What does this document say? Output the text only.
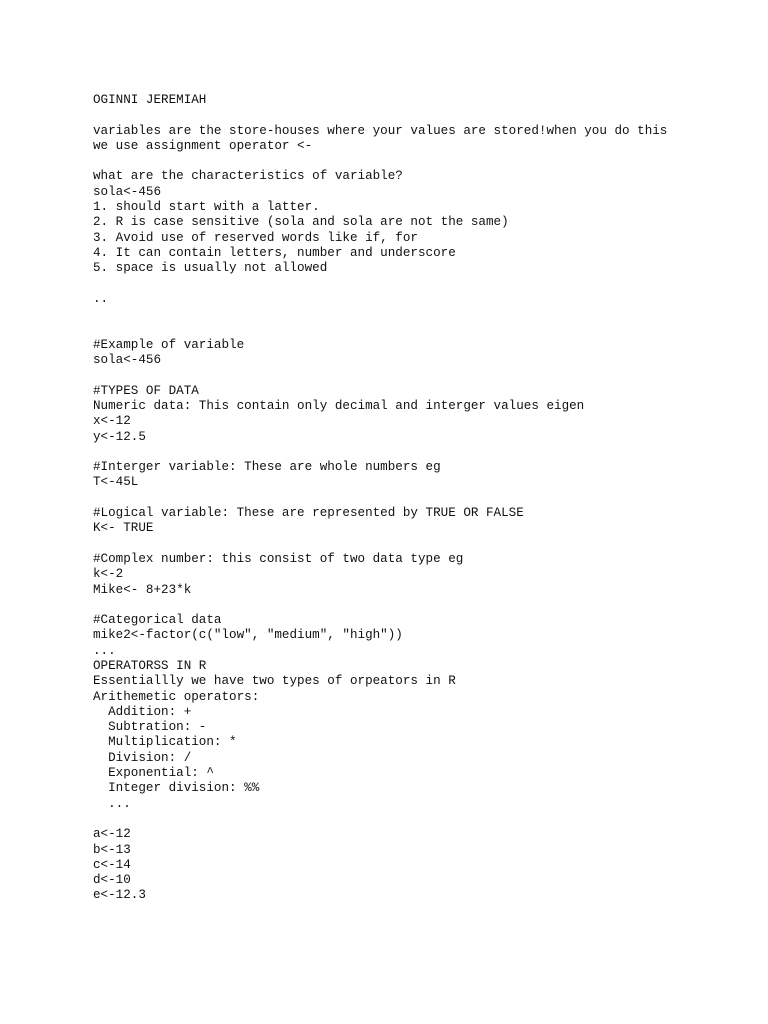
OGINNI JEREMIAH
variables are the store-houses where your values are stored!when you do this
we use assignment operator <-
what are the characteristics of variable?
sola<-456
1. should start with a latter.
2. R is case sensitive (sola and sola are not the same)
3. Avoid use of reserved words like if, for
4. It can contain letters, number and underscore
5. space is usually not allowed
..
#Example of variable
sola<-456
#TYPES OF DATA
Numeric data: This contain only decimal and interger values eigen
x<-12
y<-12.5
#Interger variable: These are whole numbers eg
T<-45L
#Logical variable: These are represented by TRUE OR FALSE
K<- TRUE
#Complex number: this consist of two data type eg
k<-2
Mike<- 8+23*k
#Categorical data
mike2<-factor(c("low", "medium", "high"))
...
OPERATORSS IN R
Essentiallly we have two types of orpeators in R
Arithemetic operators:
Addition: +
Subtration: -
Multiplication: *
Division: /
Exponential: ^
Integer division: %%
...
a<-12
b<-13
c<-14
d<-10
e<-12.3
